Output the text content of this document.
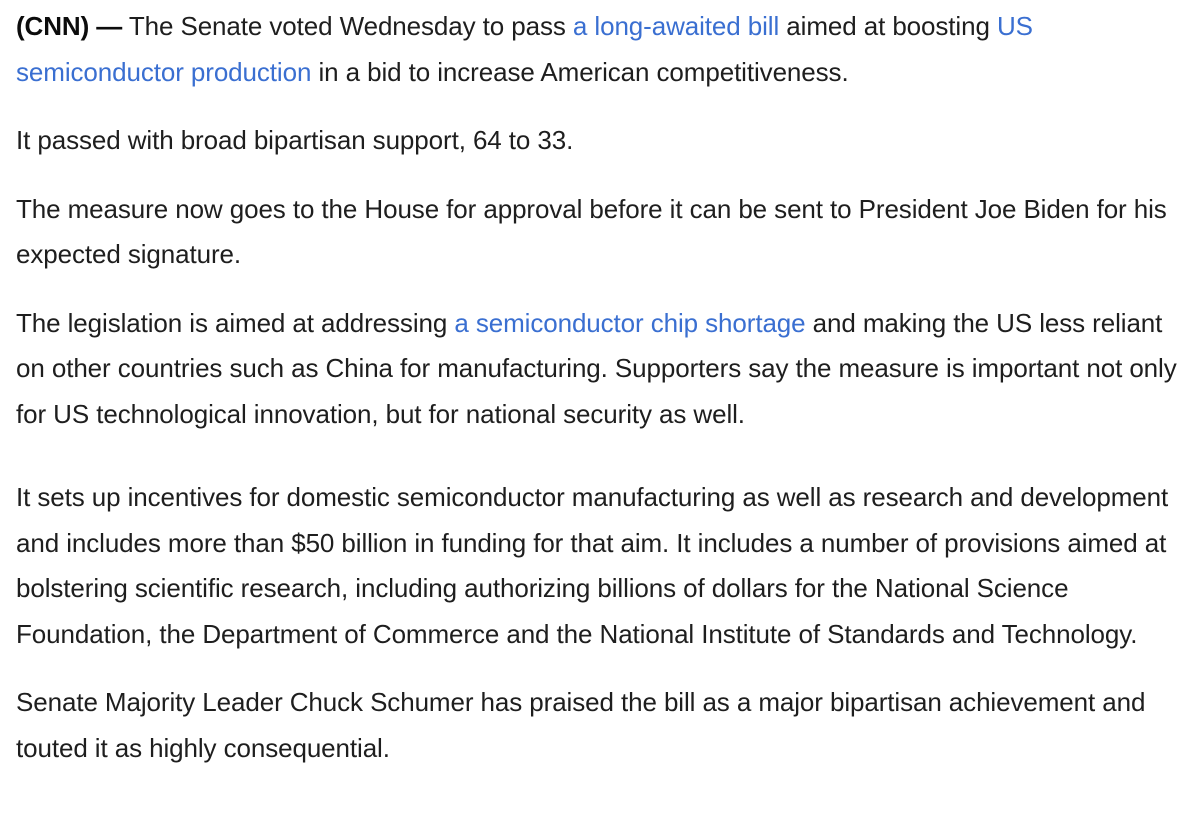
(CNN) — The Senate voted Wednesday to pass a long-awaited bill aimed at boosting US semiconductor production in a bid to increase American competitiveness.

It passed with broad bipartisan support, 64 to 33.

The measure now goes to the House for approval before it can be sent to President Joe Biden for his expected signature.

The legislation is aimed at addressing a semiconductor chip shortage and making the US less reliant on other countries such as China for manufacturing. Supporters say the measure is important not only for US technological innovation, but for national security as well.

It sets up incentives for domestic semiconductor manufacturing as well as research and development and includes more than $50 billion in funding for that aim. It includes a number of provisions aimed at bolstering scientific research, including authorizing billions of dollars for the National Science Foundation, the Department of Commerce and the National Institute of Standards and Technology.

Senate Majority Leader Chuck Schumer has praised the bill as a major bipartisan achievement and touted it as highly consequential.
